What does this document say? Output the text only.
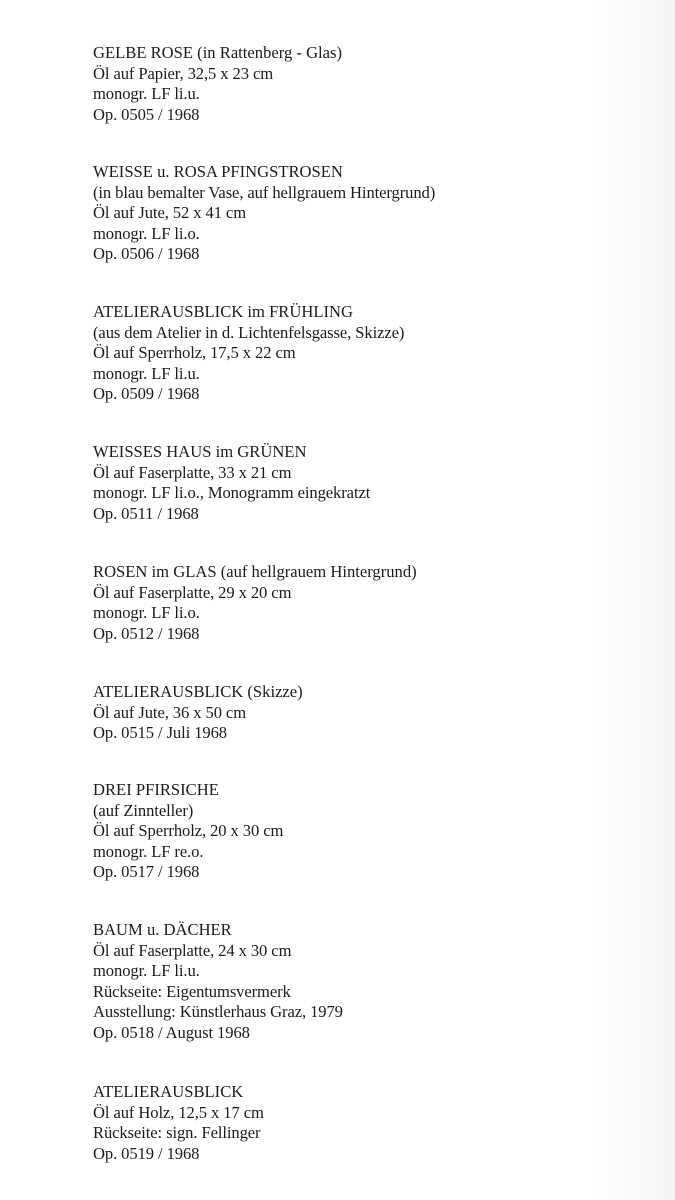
GELBE ROSE (in Rattenberg - Glas)
Öl auf Papier, 32,5 x 23 cm
monogr. LF li.u.
Op. 0505 / 1968
WEISSE u. ROSA PFINGSTROSEN
(in blau bemalter Vase, auf hellgrauem Hintergrund)
Öl auf Jute, 52 x 41 cm
monogr. LF li.o.
Op. 0506 / 1968
ATELIERAUSBLICK im FRÜHLING
(aus dem Atelier in d. Lichtenfelsgasse, Skizze)
Öl auf Sperrholz, 17,5 x 22 cm
monogr. LF li.u.
Op. 0509 / 1968
WEISSES HAUS im GRÜNEN
Öl auf Faserplatte, 33 x 21 cm
monogr. LF li.o., Monogramm eingekratzt
Op. 0511 / 1968
ROSEN im GLAS (auf hellgrauem Hintergrund)
Öl auf Faserplatte, 29 x 20 cm
monogr. LF li.o.
Op. 0512 / 1968
ATELIERAUSBLICK (Skizze)
Öl auf Jute, 36 x 50 cm
Op. 0515 / Juli 1968
DREI PFIRSICHE
(auf Zinnteller)
Öl auf Sperrholz, 20 x 30 cm
monogr. LF re.o.
Op. 0517 / 1968
BAUM u. DÄCHER
Öl auf Faserplatte, 24 x 30 cm
monogr. LF li.u.
Rückseite: Eigentumsvermerk
Ausstellung: Künstlerhaus Graz, 1979
Op. 0518 / August 1968
ATELIERAUSBLICK
Öl auf Holz, 12,5 x 17 cm
Rückseite: sign. Fellinger
Op. 0519 / 1968
